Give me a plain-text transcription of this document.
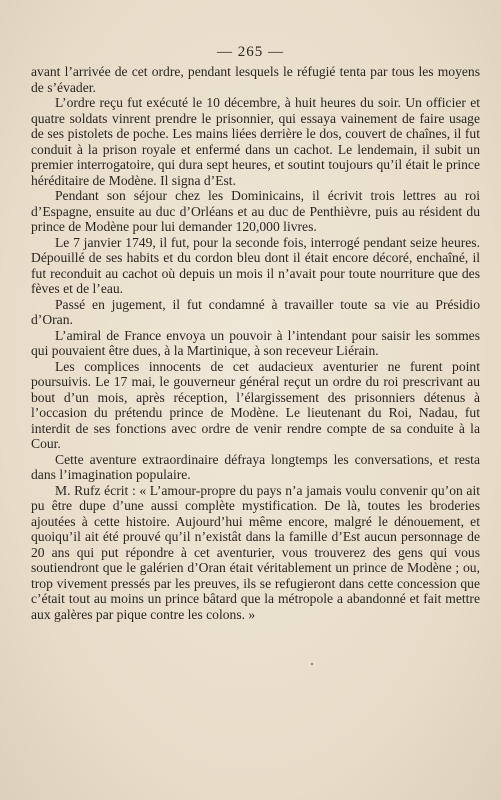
— 265 —

avant l’arrivée de cet ordre, pendant lesquels le réfugié tenta par tous les moyens de s’évader.

L’ordre reçu fut exécuté le 10 décembre, à huit heures du soir. Un officier et quatre soldats vinrent prendre le prisonnier, qui essaya vainement de faire usage de ses pistolets de poche. Les mains liées derrière le dos, couvert de chaînes, il fut conduit à la prison royale et enfermé dans un cachot. Le lendemain, il subit un premier interrogatoire, qui dura sept heures, et soutint toujours qu’il était le prince héréditaire de Modène. Il signa d’Est.

Pendant son séjour chez les Dominicains, il écrivit trois lettres au roi d’Espagne, ensuite au duc d’Orléans et au duc de Penthièvre, puis au résident du prince de Modène pour lui demander 120,000 livres.

Le 7 janvier 1749, il fut, pour la seconde fois, interrogé pendant seize heures. Dépouillé de ses habits et du cordon bleu dont il était encore décoré, enchaîné, il fut reconduit au cachot où depuis un mois il n’avait pour toute nourriture que des fèves et de l’eau.

Passé en jugement, il fut condamné à travailler toute sa vie au Présidio d’Oran.

L’amiral de France envoya un pouvoir à l’intendant pour saisir les sommes qui pouvaient être dues, à la Martinique, à son receveur Liérain.

Les complices innocents de cet audacieux aventurier ne furent point poursuivis. Le 17 mai, le gouverneur général reçut un ordre du roi prescrivant au bout d’un mois, après réception, l’élargissement des prisonniers détenus à l’occasion du prétendu prince de Modène. Le lieutenant du Roi, Nadau, fut interdit de ses fonctions avec ordre de venir rendre compte de sa conduite à la Cour.

Cette aventure extraordinaire défraya longtemps les conversations, et resta dans l’imagination populaire.

M. Rufz écrit : « L’amour-propre du pays n’a jamais voulu convenir qu’on ait pu être dupe d’une aussi complète mystification. De là, toutes les broderies ajoutées à cette histoire. Aujourd’hui même encore, malgré le dénouement, et quoiqu’il ait été prouvé qu’il n’existât dans la famille d’Est aucun personnage de 20 ans qui put répondre à cet aventurier, vous trouverez des gens qui vous soutiendront que le galérien d’Oran était véritablement un prince de Modène ; ou, trop vivement pressés par les preuves, ils se refugieront dans cette concession que c’était tout au moins un prince bâtard que la métropole a abandonné et fait mettre aux galères par pique contre les colons. »
